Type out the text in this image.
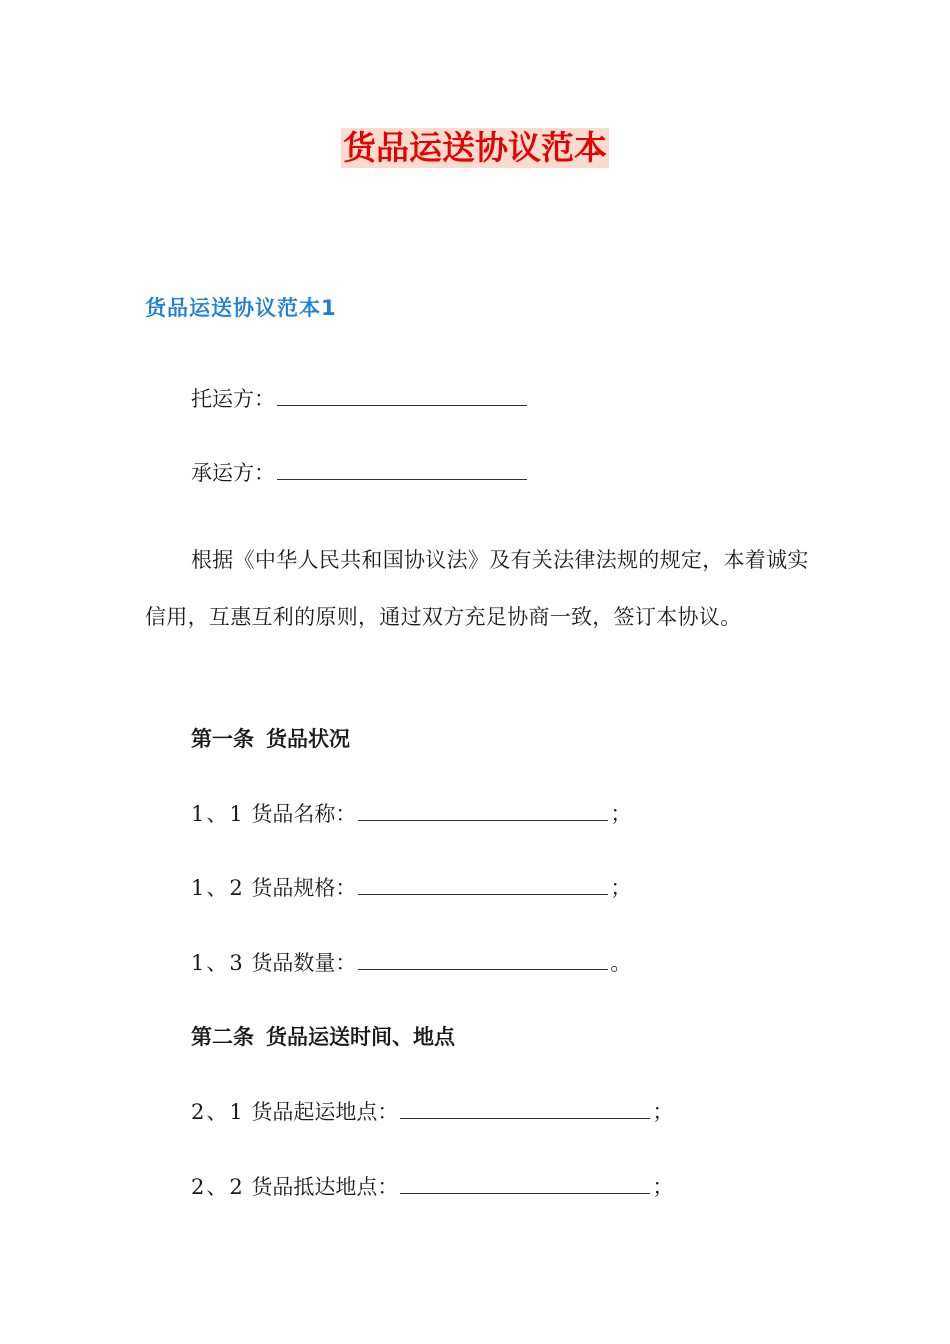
货品运送协议范本
货品运送协议范本1
托运方：
承运方：
根据《中华人民共和国协议法》及有关法律法规的规定，本着诚实信用，互惠互利的原则，通过双方充足协商一致，签订本协议。
第一条 货品状况
1、1 货品名称：	；
1、2 货品规格：	；
1、3 货品数量：	。
第二条 货品运送时间、地点
2、1 货品起运地点：	；
2、2 货品抵达地点：	；
